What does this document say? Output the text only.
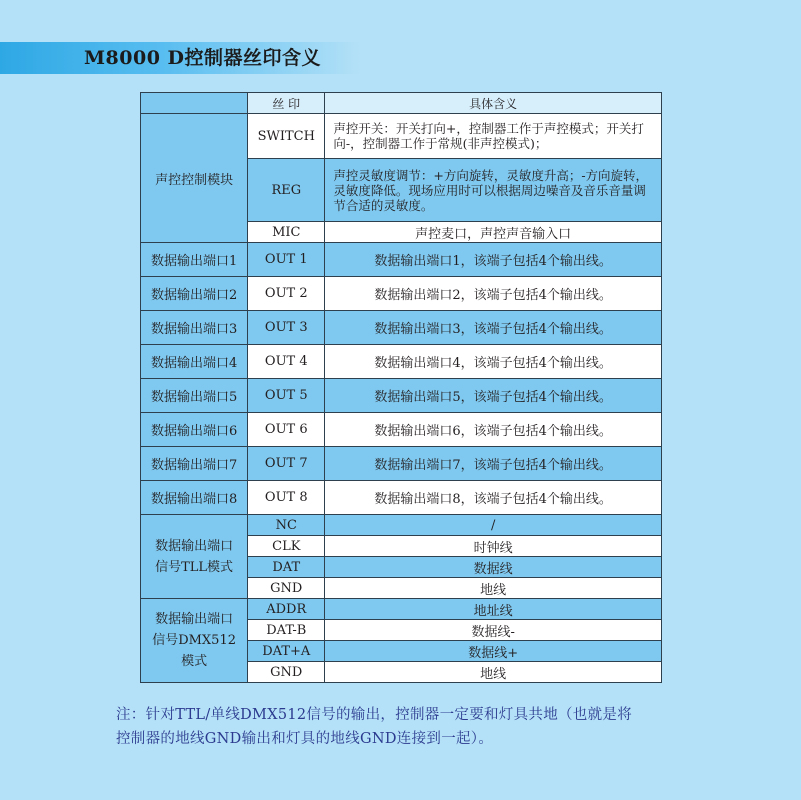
M8000 D控制器丝印含义
	丝 印	具体含义
声控控制模块	SWITCH	声控开关：开关打向+，控制器工作于声控模式；开关打向-，控制器工作于常规(非声控模式)；
	REG	声控灵敏度调节：+方向旋转，灵敏度升高；-方向旋转，灵敏度降低。现场应用时可以根据周边噪音及音乐音量调节合适的灵敏度。
	MIC	声控麦口，声控声音输入口
数据输出端口1	OUT 1	数据输出端口1，该端子包括4个输出线。
数据输出端口2	OUT 2	数据输出端口2，该端子包括4个输出线。
数据输出端口3	OUT 3	数据输出端口3，该端子包括4个输出线。
数据输出端口4	OUT 4	数据输出端口4，该端子包括4个输出线。
数据输出端口5	OUT 5	数据输出端口5，该端子包括4个输出线。
数据输出端口6	OUT 6	数据输出端口6，该端子包括4个输出线。
数据输出端口7	OUT 7	数据输出端口7，该端子包括4个输出线。
数据输出端口8	OUT 8	数据输出端口8，该端子包括4个输出线。
数据输出端口
信号TLL模式	NC	/
	CLK	时钟线
	DAT	数据线
	GND	地线
数据输出端口
信号DMX512
模式	ADDR	地址线
	DAT-B	数据线-
	DAT+A	数据线+
	GND	地线
注：针对TTL/单线DMX512信号的输出，控制器一定要和灯具共地（也就是将
控制器的地线GND输出和灯具的地线GND连接到一起）。
